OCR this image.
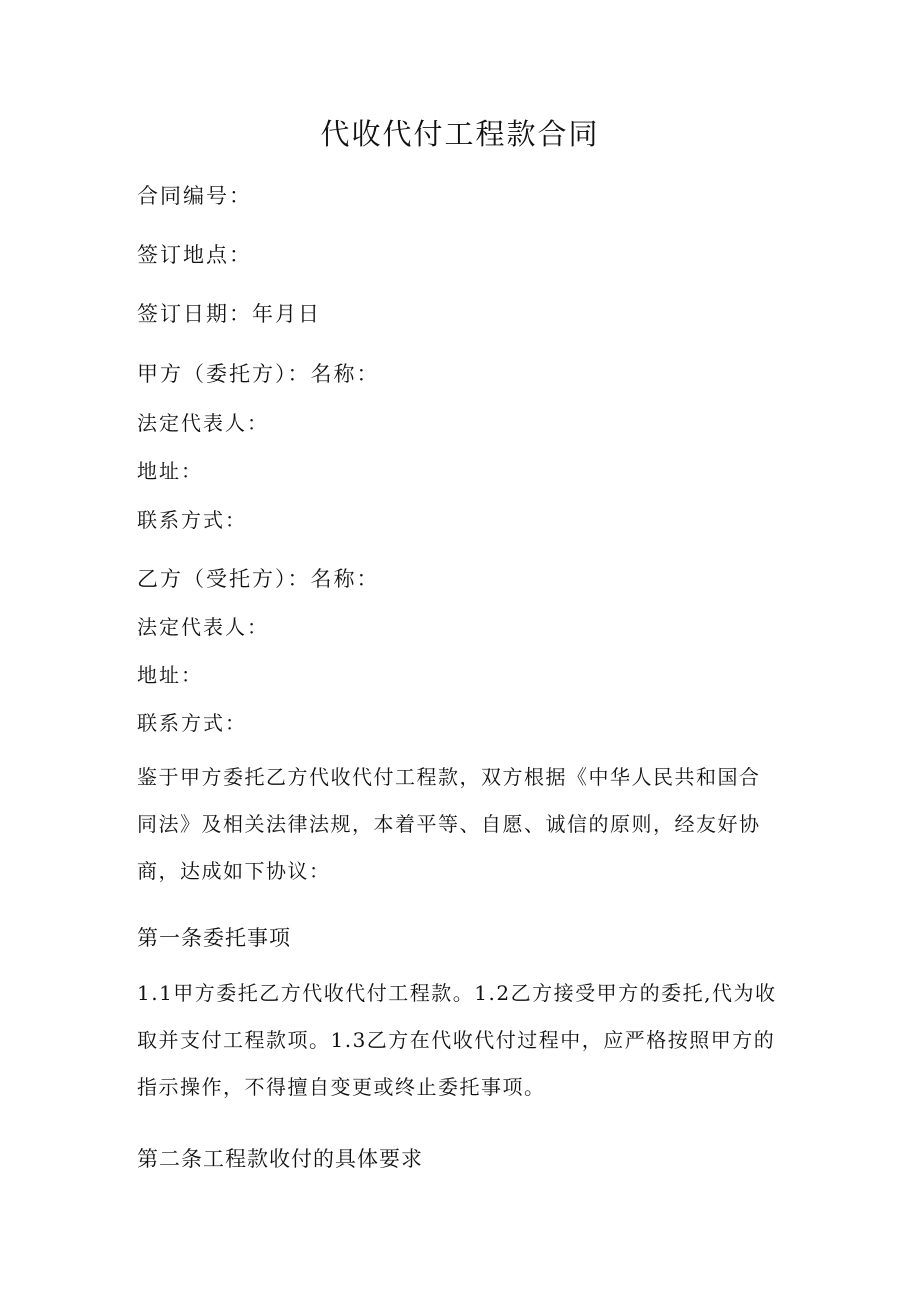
代收代付工程款合同
合同编号：
签订地点：
签订日期：年月日
甲方（委托方）：名称：
法定代表人：
地址：
联系方式：
乙方（受托方）：名称：
法定代表人：
地址：
联系方式：

鉴于甲方委托乙方代收代付工程款，双方根据《中华人民共和国合同法》及相关法律法规，本着平等、自愿、诚信的原则，经友好协商，达成如下协议：

第一条委托事项

1.1甲方委托乙方代收代付工程款。1.2乙方接受甲方的委托,代为收取并支付工程款项。1.3乙方在代收代付过程中，应严格按照甲方的指示操作，不得擅自变更或终止委托事项。

第二条工程款收付的具体要求
